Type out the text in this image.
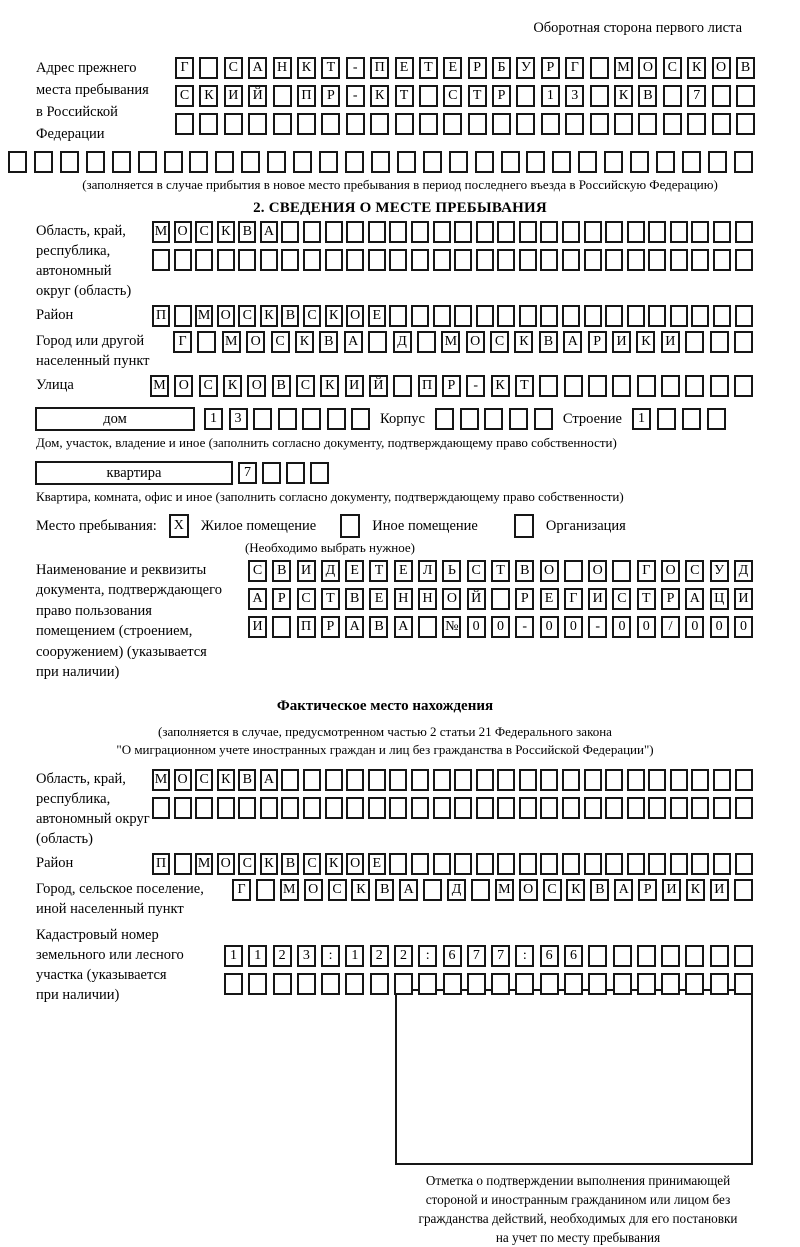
Оборотная сторона первого листа
Адрес прежнего
места пребывания
в Российской
Федерации
Г	С	А	Н	К	Т	-	П	Е	Т	Е	Р	Б	У	Р	Г	М О	С	К	О	В
С	К	И	Й	П	Р	-	К	Т	С	Т	Р	1	3	К	В	7
(заполняется в случае прибытия в новое место пребывания в период последнего въезда в Российскую Федерацию)
2. СВЕДЕНИЯ О МЕСТЕ ПРЕБЫВАНИЯ
Область, край,
республика,
автономный
округ (область)
М О С К В А
Район	П М О С К В С К О Е
Город или другой
населенный пункт
Г	М О	С	К	В	А	Д	М О	С	К	В	А	Р	И	К	И
Улица	М О	С	К	О	В	С	К	И	Й	П	Р	-	К	Т
дом	1	3	Корпус	Строение	1
Дом, участок, владение и иное (заполнить согласно документу, подтверждающему право собственности)
квартира	7
Квартира, комната, офис и иное (заполнить согласно документу, подтверждающему право собственности)
Место пребывания:	X	Жилое помещение	Иное помещение	Организация
(Необходимо выбрать нужное)
Наименование и реквизиты
документа, подтверждающего
право пользования
помещением (строением,
сооружением) (указывается
при наличии)
С	В	И	Д	Е	Т	Е	Л	Ь	С	Т	В	О	О	Г	О	С	У	Д
А	Р	С	Т	В	Е	Н	Н	О	Й	Р	Е	Г	И	С	Т	Р	А	Ц	И
И	П	Р	А	В	А	№	0	0	-	0	0	-	0	0	/	0	0	0
Фактическое место нахождения
(заполняется в случае, предусмотренном частью 2 статьи 21 Федерального закона
"О миграционном учете иностранных граждан и лиц без гражданства в Российской Федерации")
Область, край,
республика,
автономный округ
(область)
М О С К В А
Район	П М О С К В С К О Е
Город, сельское поселение,
иной населенный пункт
Г	М О	С	К	В	А	Д	М О	С	К	В	А	Р	И	К	И
Кадастровый номер
земельного или лесного
участка (указывается
при наличии)
1	1	2	3	:	1	2	2	:	6	7	7	:	6	6
Отметка о подтверждении выполнения принимающей
стороной и иностранным гражданином или лицом без
гражданства действий, необходимых для его постановки
на учет по месту пребывания
